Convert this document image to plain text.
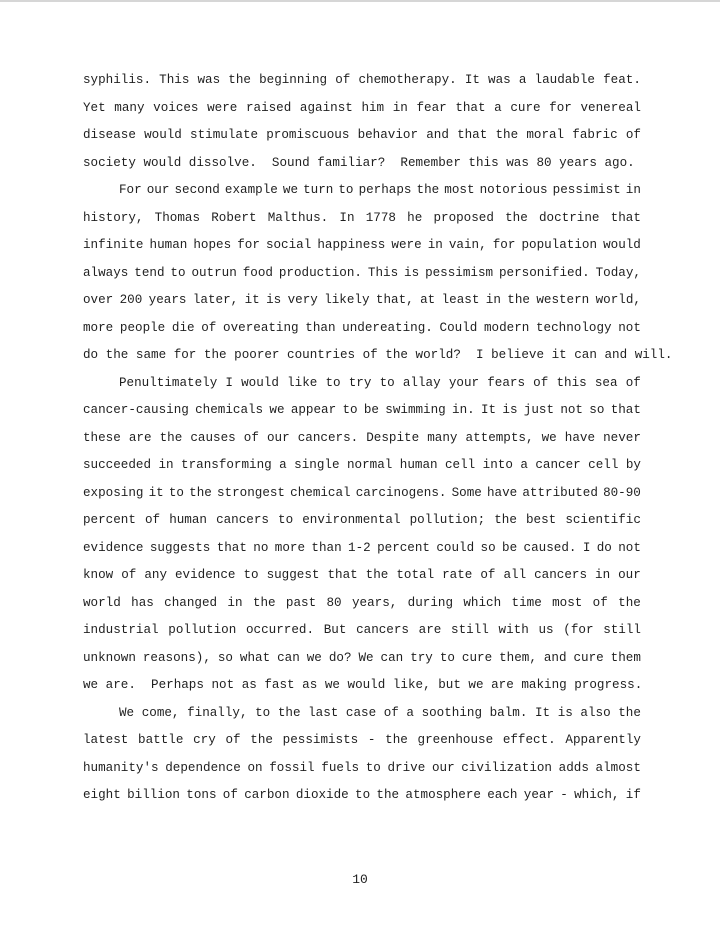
syphilis. This was the beginning of chemotherapy. It was a laudable feat.
Yet many voices were raised against him in fear that a cure for venereal
disease would stimulate promiscuous behavior and that the moral fabric of
society would dissolve.  Sound familiar?  Remember this was 80 years ago.
For our second example we turn to perhaps the most notorious pessimist in
history, Thomas Robert Malthus. In 1778 he proposed the doctrine that
infinite human hopes for social happiness were in vain, for population would
always tend to outrun food production. This is pessimism personified. Today,
over 200 years later, it is very likely that, at least in the western world,
more people die of overeating than undereating. Could modern technology not
do the same for the poorer countries of the world?  I believe it can and will.
Penultimately I would like to try to allay your fears of this sea of
cancer-causing chemicals we appear to be swimming in. It is just not so that
these are the causes of our cancers. Despite many attempts, we have never
succeeded in transforming a single normal human cell into a cancer cell by
exposing it to the strongest chemical carcinogens. Some have attributed 80-90
percent of human cancers to environmental pollution; the best scientific
evidence suggests that no more than 1-2 percent could so be caused. I do not
know of any evidence to suggest that the total rate of all cancers in our
world has changed in the past 80 years, during which time most of the
industrial pollution occurred. But cancers are still with us (for still
unknown reasons), so what can we do? We can try to cure them, and cure them
we are.  Perhaps not as fast as we would like, but we are making progress.
We come, finally, to the last case of a soothing balm. It is also the
latest battle cry of the pessimists - the greenhouse effect. Apparently
humanity's dependence on fossil fuels to drive our civilization adds almost
eight billion tons of carbon dioxide to the atmosphere each year - which, if
10
